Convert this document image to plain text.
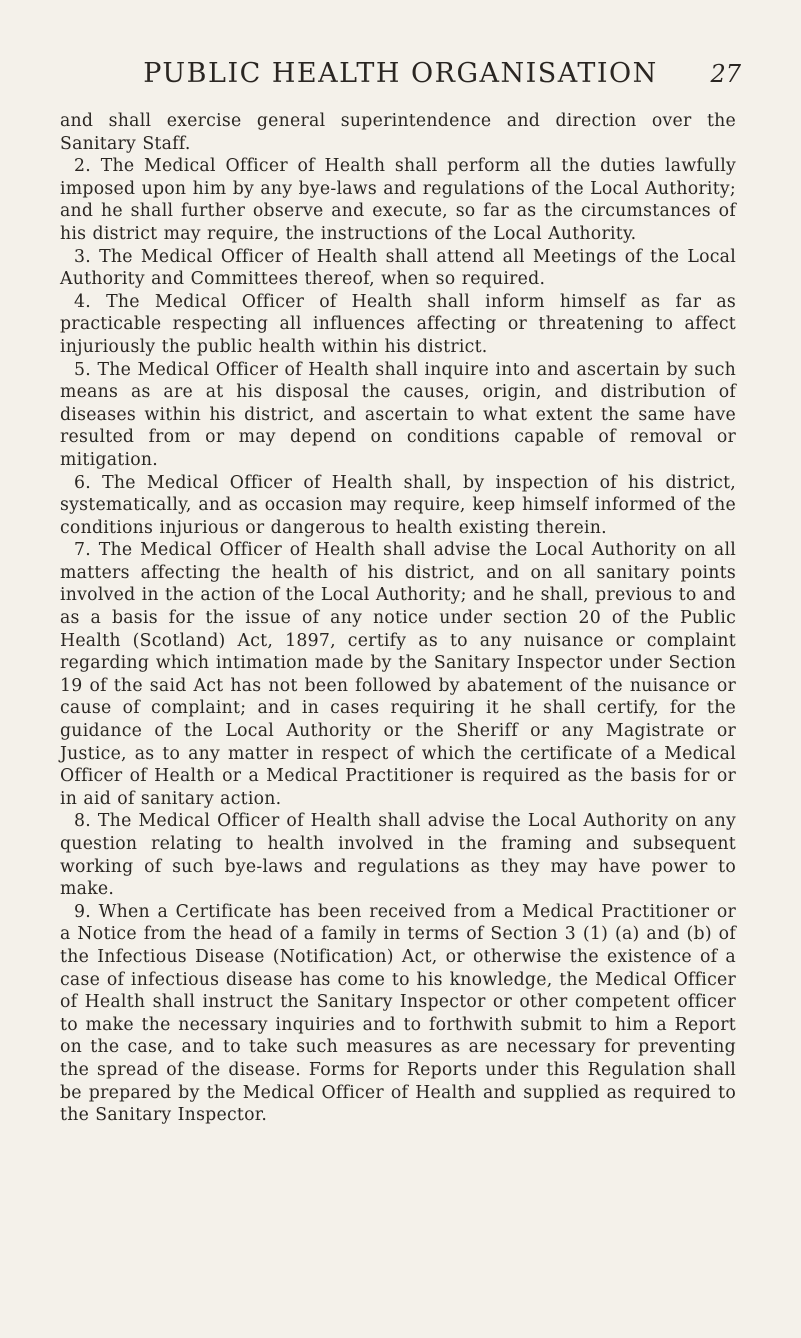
PUBLIC HEALTH ORGANISATION	27

and shall exercise general superintendence and direction over the Sanitary Staff.

2. The Medical Officer of Health shall perform all the duties lawfully imposed upon him by any bye-laws and regulations of the Local Authority; and he shall further observe and execute, so far as the circumstances of his district may require, the instructions of the Local Authority.

3. The Medical Officer of Health shall attend all Meetings of the Local Authority and Committees thereof, when so required.

4. The Medical Officer of Health shall inform himself as far as practicable respecting all influences affecting or threatening to affect injuriously the public health within his district.

5. The Medical Officer of Health shall inquire into and ascertain by such means as are at his disposal the causes, origin, and distribution of diseases within his district, and ascertain to what extent the same have resulted from or may depend on conditions capable of removal or mitigation.

6. The Medical Officer of Health shall, by inspection of his district, systematically, and as occasion may require, keep himself informed of the conditions injurious or dangerous to health existing therein.

7. The Medical Officer of Health shall advise the Local Authority on all matters affecting the health of his district, and on all sanitary points involved in the action of the Local Authority; and he shall, previous to and as a basis for the issue of any notice under section 20 of the Public Health (Scotland) Act, 1897, certify as to any nuisance or complaint regarding which intimation made by the Sanitary Inspector under Section 19 of the said Act has not been followed by abatement of the nuisance or cause of complaint; and in cases requiring it he shall certify, for the guidance of the Local Authority or the Sheriff or any Magistrate or Justice, as to any matter in respect of which the certificate of a Medical Officer of Health or a Medical Practitioner is required as the basis for or in aid of sanitary action.

8. The Medical Officer of Health shall advise the Local Authority on any question relating to health involved in the framing and subsequent working of such bye-laws and regulations as they may have power to make.

9. When a Certificate has been received from a Medical Practitioner or a Notice from the head of a family in terms of Section 3 (1) (a) and (b) of the Infectious Disease (Notification) Act, or otherwise the existence of a case of infectious disease has come to his knowledge, the Medical Officer of Health shall instruct the Sanitary Inspector or other competent officer to make the necessary inquiries and to forthwith submit to him a Report on the case, and to take such measures as are necessary for preventing the spread of the disease. Forms for Reports under this Regulation shall be prepared by the Medical Officer of Health and supplied as required to the Sanitary Inspector.
